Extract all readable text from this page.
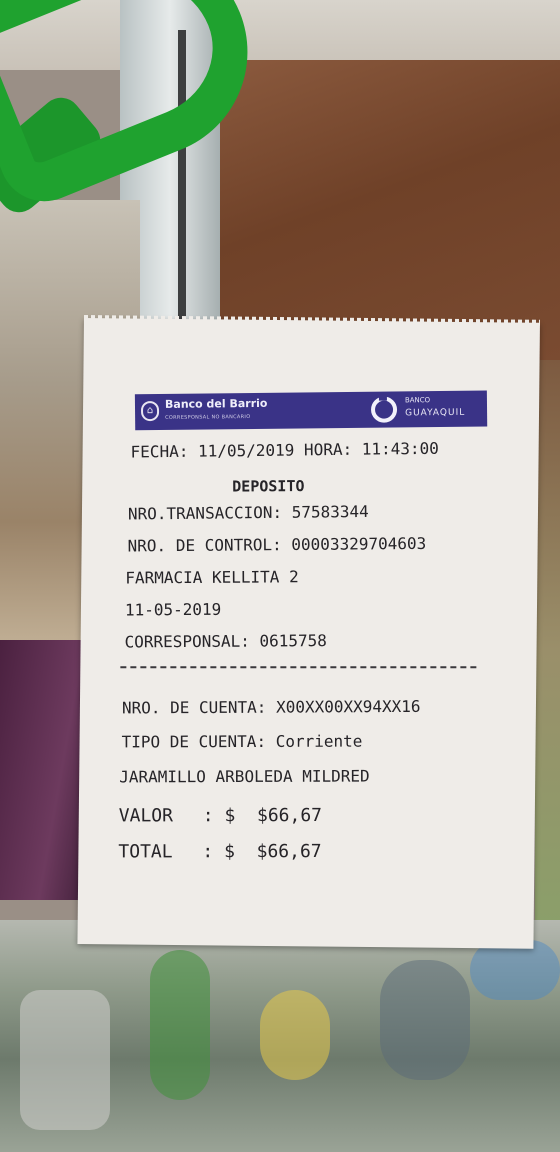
⌂	Banco del Barrio
CORRESPONSAL NO BANCARIO
BANCO
GUAYAQUIL
FECHA: 11/05/2019 HORA: 11:43:00
DEPOSITO
NRO.TRANSACCION: 57583344
NRO. DE CONTROL: 00003329704603
FARMACIA KELLITA 2
11-05-2019
CORRESPONSAL: 0615758
NRO. DE CUENTA: X00XX00XX94XX16
TIPO DE CUENTA: Corriente
JARAMILLO ARBOLEDA MILDRED
VALOR : $ $66,67
TOTAL : $ $66,67
